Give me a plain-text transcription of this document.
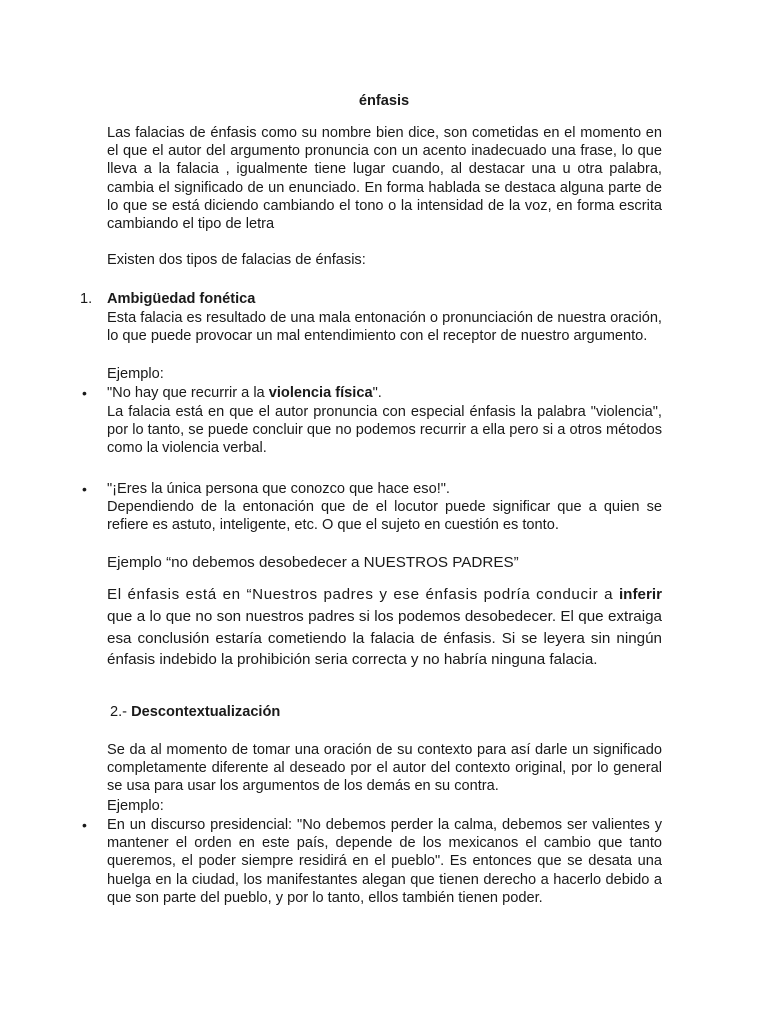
énfasis
Las falacias de énfasis como su nombre bien dice, son cometidas en el momento en el que el autor del argumento pronuncia con un acento inadecuado una frase, lo que lleva a la falacia , igualmente tiene lugar cuando, al destacar una u otra palabra, cambia el significado de un enunciado. En forma hablada se destaca alguna parte de lo que se está diciendo cambiando el tono o la intensidad de la voz, en forma escrita cambiando el tipo de letra
Existen dos tipos de falacias de énfasis:
1. Ambigüedad fonética
Esta falacia es resultado de una mala entonación o pronunciación de nuestra oración, lo que puede provocar un mal entendimiento con el receptor de nuestro argumento.
Ejemplo:
• "No hay que recurrir a la violencia física".
La falacia está en que el autor pronuncia con especial énfasis la palabra "violencia", por lo tanto, se puede concluir que no podemos recurrir a ella pero si a otros métodos como la violencia verbal.
• "¡Eres la única persona que conozco que hace eso!".
Dependiendo de la entonación que de el locutor puede significar que a quien se refiere es astuto, inteligente, etc. O que el sujeto en cuestión es tonto.
Ejemplo “no debemos desobedecer a NUESTROS PADRES”
El énfasis está en “Nuestros padres y ese énfasis podría conducir a inferir que a lo que no son nuestros padres si los podemos desobedecer. El que extraiga esa conclusión estaría cometiendo la falacia de énfasis. Si se leyera sin ningún énfasis indebido la prohibición seria correcta y no habría ninguna falacia.
2.- Descontextualización
Se da al momento de tomar una oración de su contexto para así darle un significado completamente diferente al deseado por el autor del contexto original, por lo general se usa para usar los argumentos de los demás en su contra.
Ejemplo:
• En un discurso presidencial: "No debemos perder la calma, debemos ser valientes y mantener el orden en este país, depende de los mexicanos el cambio que tanto queremos, el poder siempre residirá en el pueblo". Es entonces que se desata una huelga en la ciudad, los manifestantes alegan que tienen derecho a hacerlo debido a que son parte del pueblo, y por lo tanto, ellos también tienen poder.
